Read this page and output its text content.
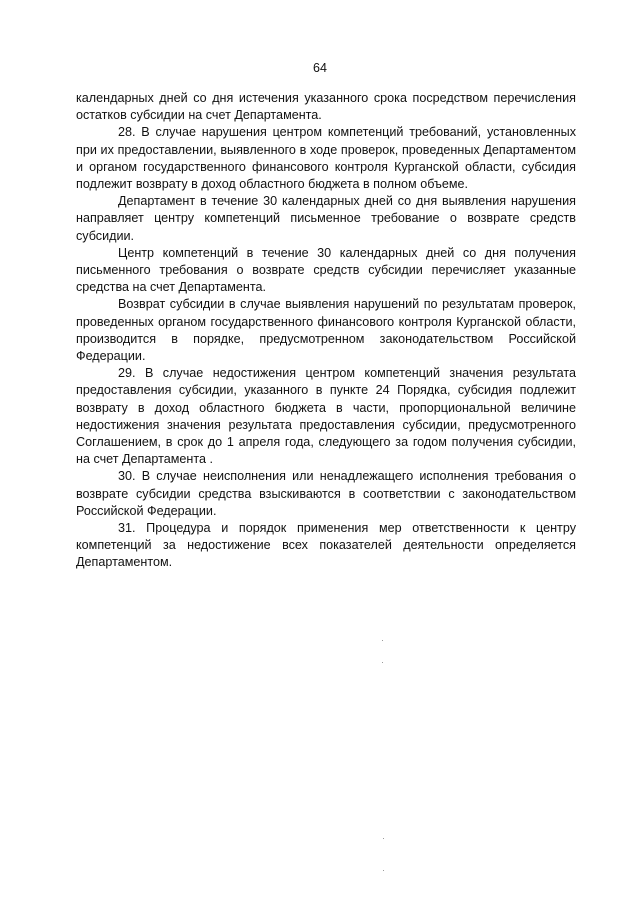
64

календарных дней со дня истечения указанного срока посредством перечисления остатков субсидии на счет Департамента.

28. В случае нарушения центром компетенций требований, установленных при их предоставлении, выявленного в ходе проверок, проведенных Департаментом и органом государственного финансового контроля Курганской области, субсидия подлежит возврату в доход областного бюджета в полном объеме.

Департамент в течение 30 календарных дней со дня выявления нарушения направляет центру компетенций письменное требование о возврате средств субсидии.

Центр компетенций в течение 30 календарных дней со дня получения письменного требования о возврате средств субсидии перечисляет указанные средства на счет Департамента.

Возврат субсидии в случае выявления нарушений по результатам проверок, проведенных органом государственного финансового контроля Курганской области, производится в порядке, предусмотренном законодательством Российской Федерации.

29. В случае недостижения центром компетенций значения результата предоставления субсидии, указанного в пункте 24 Порядка, субсидия подлежит возврату в доход областного бюджета в части, пропорциональной величине недостижения значения результата предоставления субсидии, предусмотренного Соглашением, в срок до 1 апреля года, следующего за годом получения субсидии, на счет Департамента .

30. В случае неисполнения или ненадлежащего исполнения требования о возврате субсидии средства взыскиваются в соответствии с законодательством Российской Федерации.

31. Процедура и порядок применения мер ответственности к центру компетенций за недостижение всех показателей деятельности определяется Департаментом.
